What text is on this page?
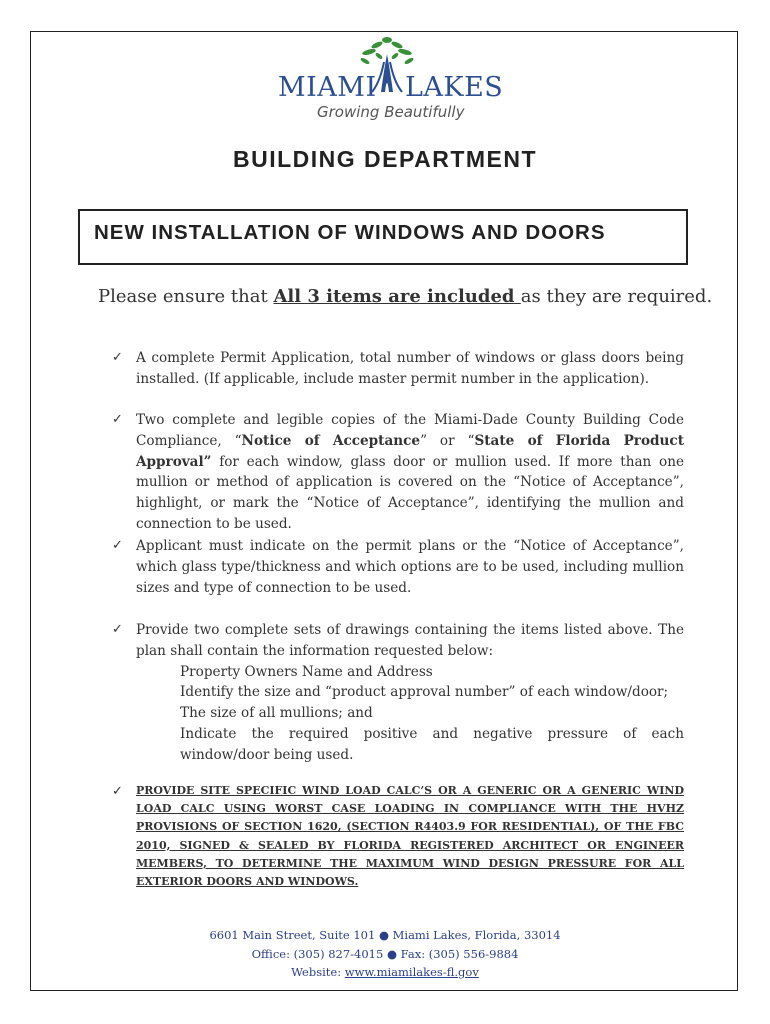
MIAMI LAKES
Growing Beautifully
BUILDING DEPARTMENT
NEW INSTALLATION OF WINDOWS AND DOORS
Please ensure that All 3 items are included as they are required.
✓ A complete Permit Application, total number of windows or glass doors being installed. (If applicable, include master permit number in the application).
✓ Two complete and legible copies of the Miami-Dade County Building Code Compliance, “Notice of Acceptance” or “State of Florida Product Approval” for each window, glass door or mullion used. If more than one mullion or method of application is covered on the “Notice of Acceptance”, highlight, or mark the “Notice of Acceptance”, identifying the mullion and connection to be used.
✓ Applicant must indicate on the permit plans or the “Notice of Acceptance”, which glass type/thickness and which options are to be used, including mullion sizes and type of connection to be used.
✓ Provide two complete sets of drawings containing the items listed above. The plan shall contain the information requested below:
Property Owners Name and Address
Identify the size and “product approval number” of each window/door;
The size of all mullions; and
Indicate the required positive and negative pressure of each window/door being used.
✓ PROVIDE SITE SPECIFIC WIND LOAD CALC’S OR A GENERIC OR A GENERIC WIND LOAD CALC USING WORST CASE LOADING IN COMPLIANCE WITH THE HVHZ PROVISIONS OF SECTION 1620, (SECTION R4403.9 FOR RESIDENTIAL), OF THE FBC 2010, SIGNED & SEALED BY FLORIDA REGISTERED ARCHITECT OR ENGINEER MEMBERS, TO DETERMINE THE MAXIMUM WIND DESIGN PRESSURE FOR ALL EXTERIOR DOORS AND WINDOWS.
6601 Main Street, Suite 101 ● Miami Lakes, Florida, 33014
Office: (305) 827-4015 ● Fax: (305) 556-9884
Website: www.miamilakes-fl.gov
